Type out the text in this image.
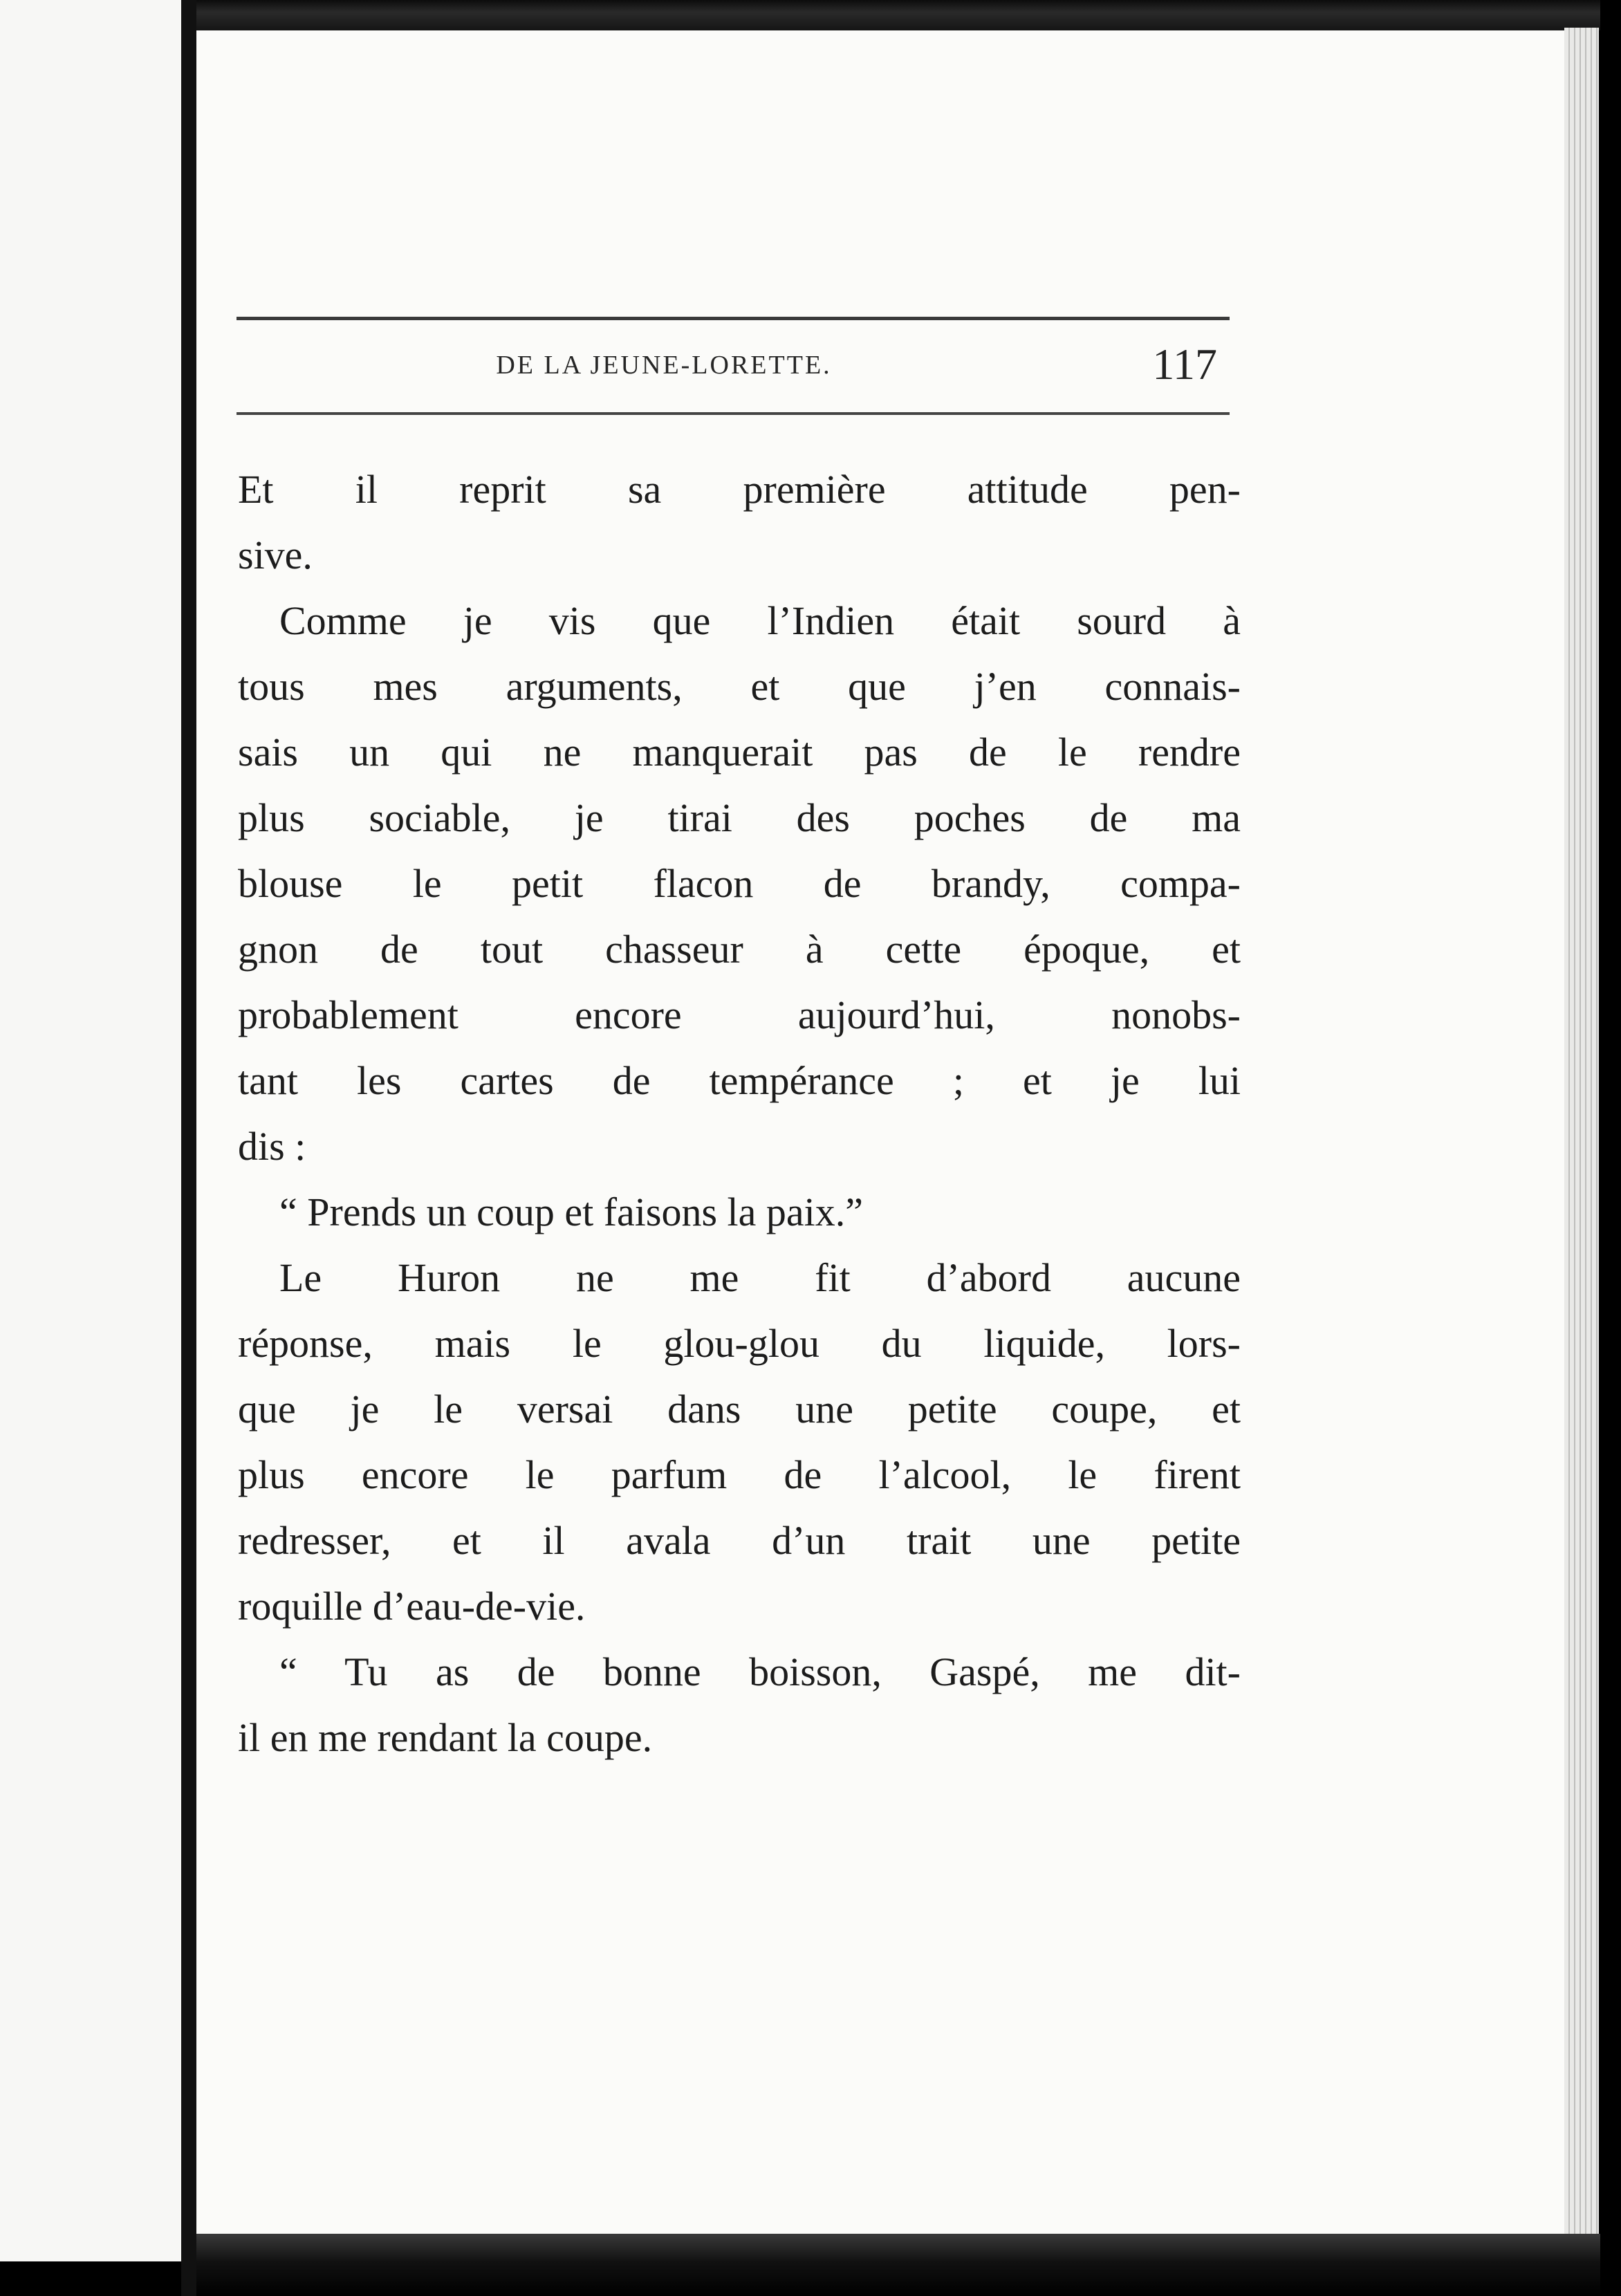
DE LA JEUNE-LORETTE.	117
Et il reprit sa première attitude pen-
sive.
Comme je vis que l’Indien était sourd à
tous mes arguments, et que j’en connais-
sais un qui ne manquerait pas de le rendre
plus sociable, je tirai des poches de ma
blouse le petit flacon de brandy, compa-
gnon de tout chasseur à cette époque, et
probablement encore aujourd’hui, nonobs-
tant les cartes de tempérance ; et je lui
dis :
“ Prends un coup et faisons la paix.”
Le Huron ne me fit d’abord aucune
réponse, mais le glou-glou du liquide, lors-
que je le versai dans une petite coupe, et
plus encore le parfum de l’alcool, le firent
redresser, et il avala d’un trait une petite
roquille d’eau-de-vie.
“ Tu as de bonne boisson, Gaspé, me dit-
il en me rendant la coupe.
